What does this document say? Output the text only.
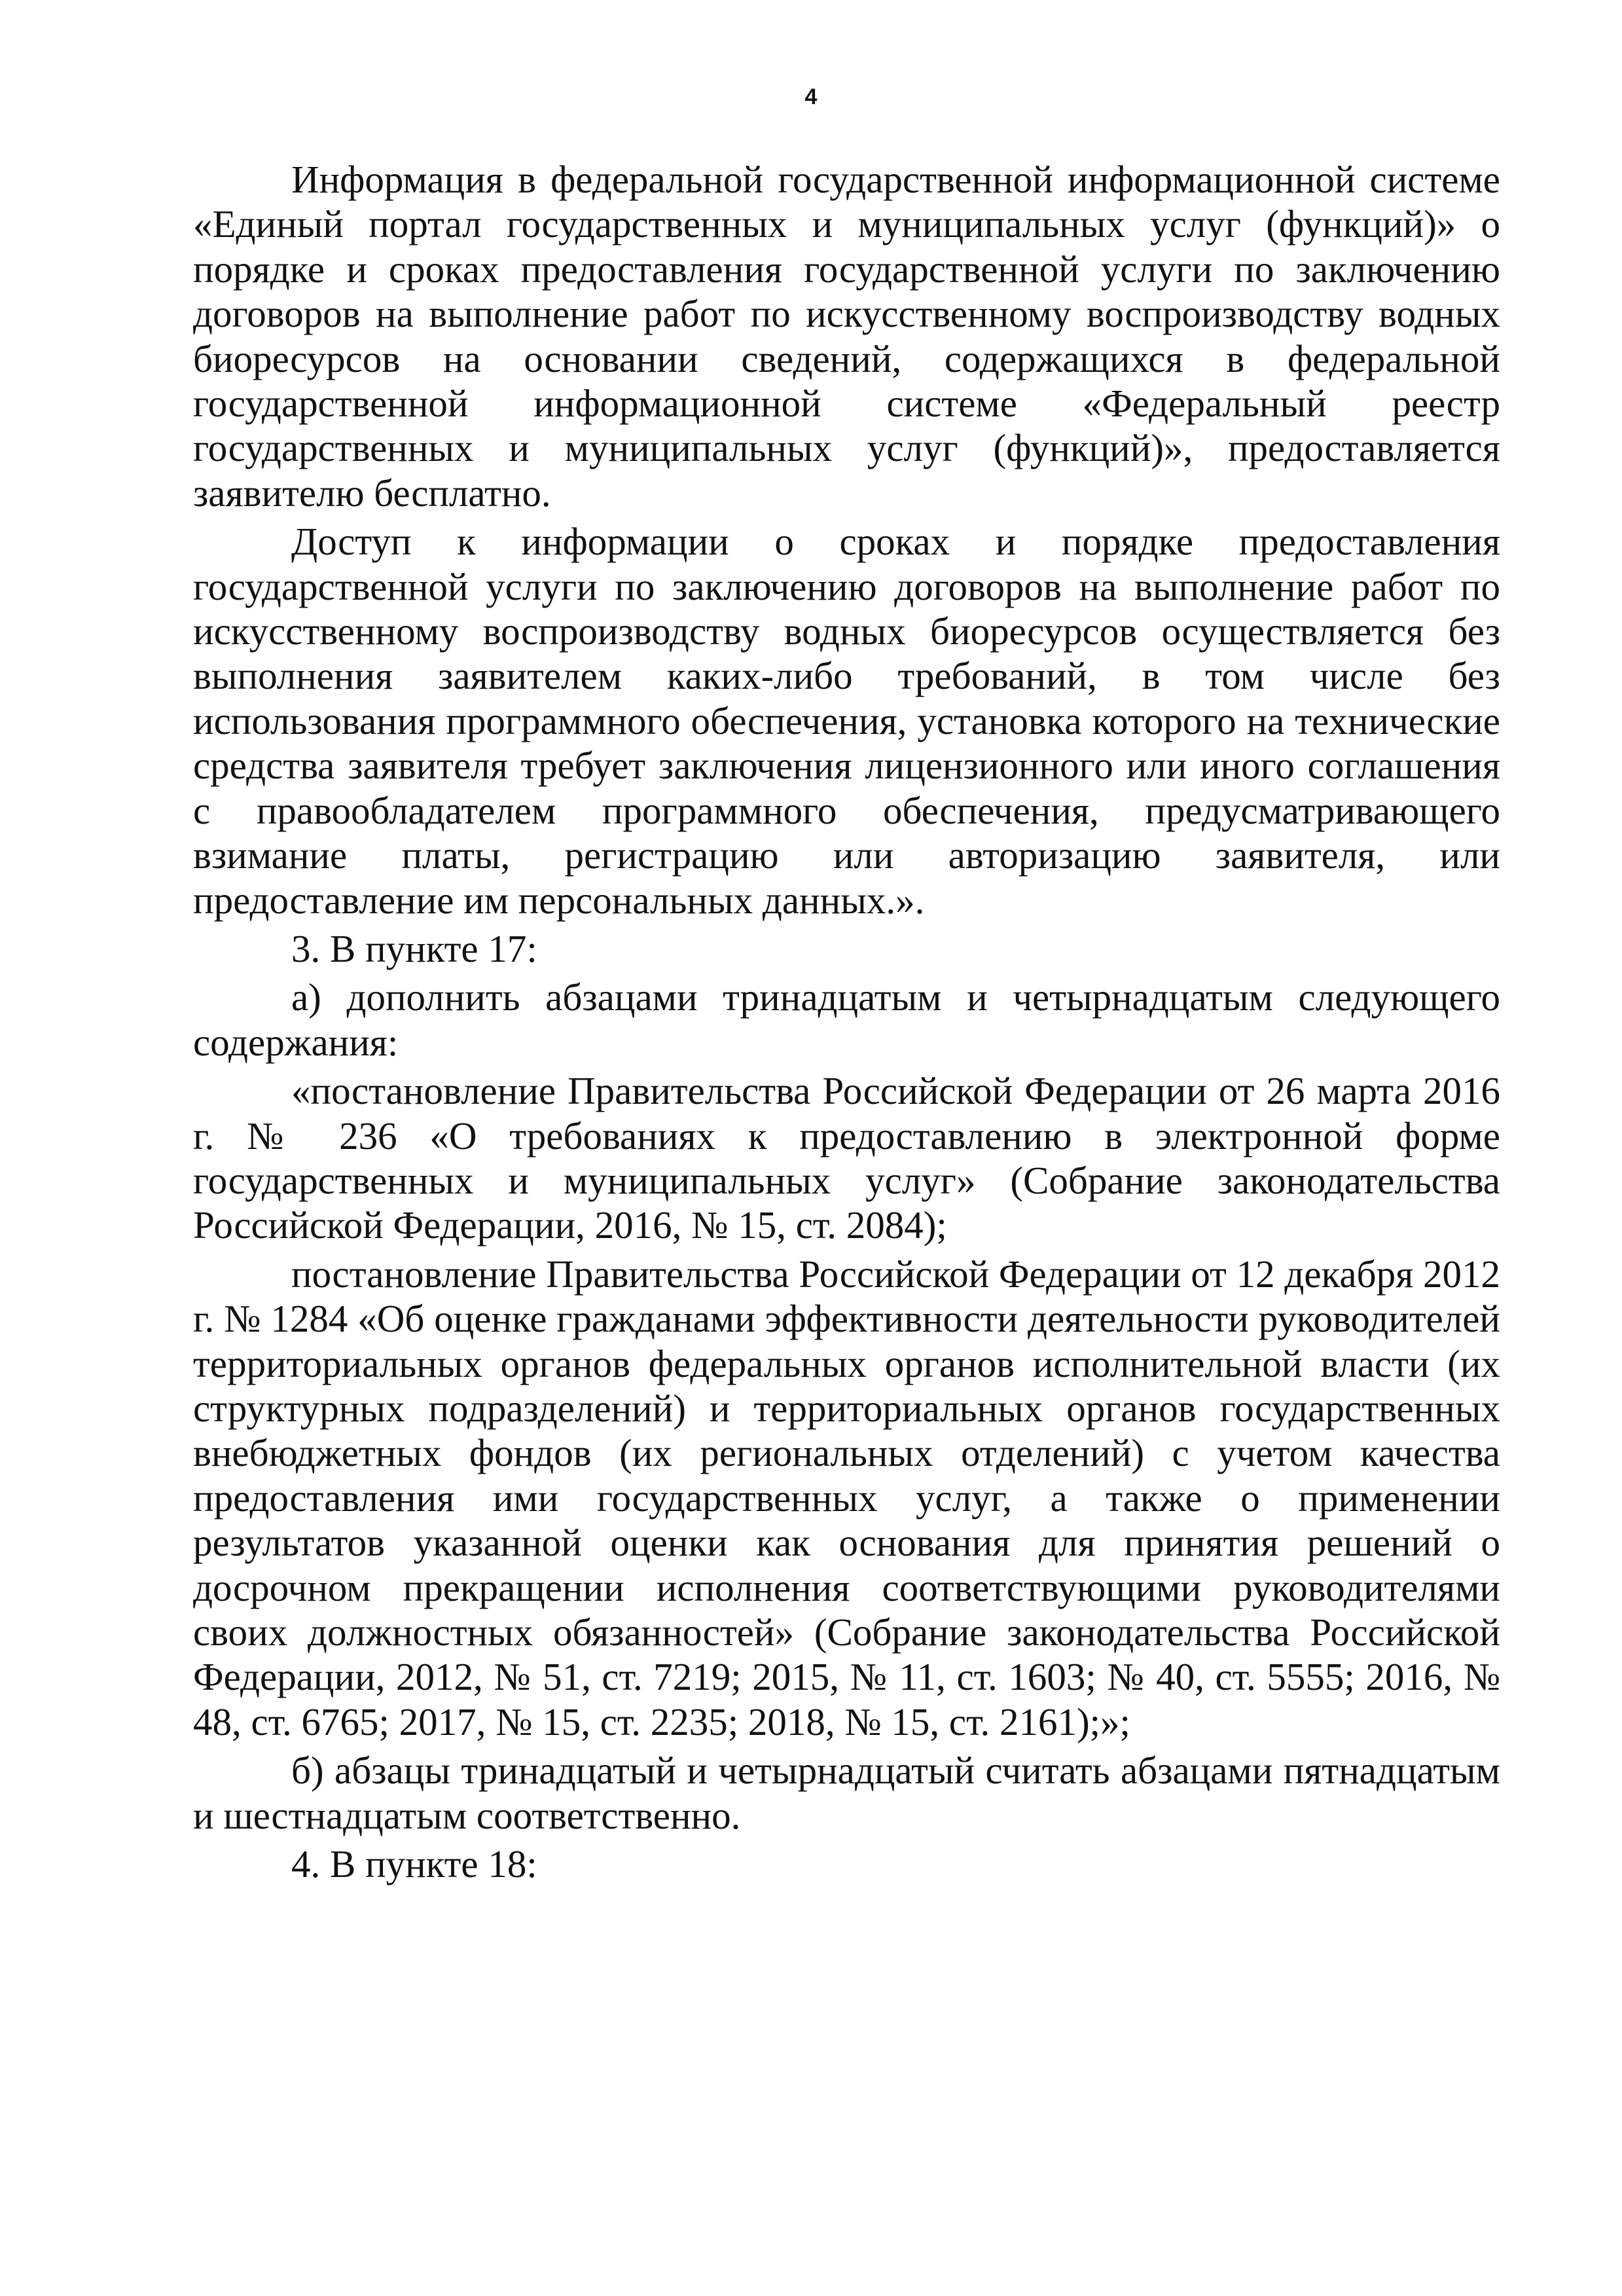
4

Информация в федеральной государственной информационной системе «Единый портал государственных и муниципальных услуг (функций)» о порядке и сроках предоставления государственной услуги по заключению договоров на выполнение работ по искусственному воспроизводству водных биоресурсов на основании сведений, содержащихся в федеральной государственной информационной системе «Федеральный реестр государственных и муниципальных услуг (функций)», предоставляется заявителю бесплатно.

Доступ к информации о сроках и порядке предоставления государственной услуги по заключению договоров на выполнение работ по искусственному воспроизводству водных биоресурсов осуществляется без выполнения заявителем каких-либо требований, в том числе без использования программного обеспечения, установка которого на технические средства заявителя требует заключения лицензионного или иного соглашения с правообладателем программного обеспечения, предусматривающего взимание платы, регистрацию или авторизацию заявителя, или предоставление им персональных данных.».

3. В пункте 17:

а) дополнить абзацами тринадцатым и четырнадцатым следующего содержания:

«постановление Правительства Российской Федерации от 26 марта 2016 г. № 236 «О требованиях к предоставлению в электронной форме государственных и муниципальных услуг» (Собрание законодательства Российской Федерации, 2016, № 15, ст. 2084);

постановление Правительства Российской Федерации от 12 декабря 2012 г. № 1284 «Об оценке гражданами эффективности деятельности руководителей территориальных органов федеральных органов исполнительной власти (их структурных подразделений) и территориальных органов государственных внебюджетных фондов (их региональных отделений) с учетом качества предоставления ими государственных услуг, а также о применении результатов указанной оценки как основания для принятия решений о досрочном прекращении исполнения соответствующими руководителями своих должностных обязанностей» (Собрание законодательства Российской Федерации, 2012, № 51, ст. 7219; 2015, № 11, ст. 1603; № 40, ст. 5555; 2016, № 48, ст. 6765; 2017, № 15, ст. 2235; 2018, № 15, ст. 2161);»;

б) абзацы тринадцатый и четырнадцатый считать абзацами пятнадцатым и шестнадцатым соответственно.

4. В пункте 18:
